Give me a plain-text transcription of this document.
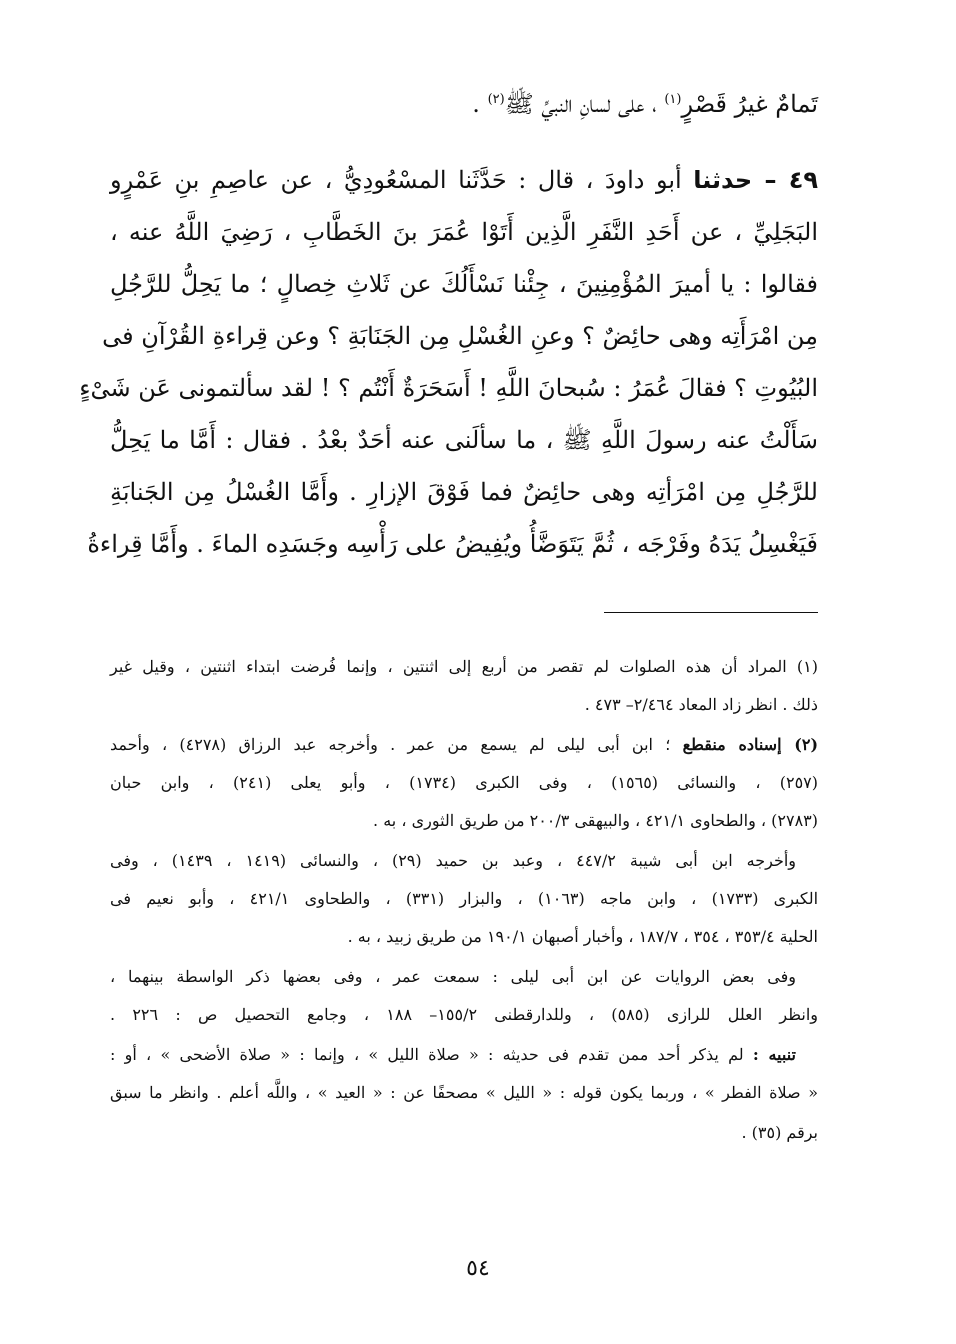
تَمامٌ غيرُ قَصْرٍ$^{(١)}$ ، على لسانِ النبيِّ ﷺ$^{(٢)}$ .
٤٩ – حدثنا أبو داودَ ، قال : حَدَّثَنا المسْعُودِيُّ ، عن عاصِمِ بنِ عَمْرٍو
البَجَلِيِّ ، عن أَحَدِ النَّفَرِ الَّذِين أَتَوْا عُمَرَ بنَ الخَطَّابِ ، رَضِيَ اللَّهُ عنه ،
فقالوا : يا أميرَ المُؤْمِنِينَ ، جِئْنا نَسْأَلُكَ عن ثَلاثِ خِصالٍ ؛ ما يَحِلُّ للرَّجُلِ
مِن امْرَأَتِه وهى حائِضٌ ؟ وعنِ الغُسْلِ مِن الجَنَابَةِ ؟ وعن قِراءةِ القُرْآنِ فى
البُيُوتِ ؟ فقالَ عُمَرُ : سُبحانَ اللَّهِ ! أَسَحَرَةٌ أَنْتُم ؟ ! لقد سألتمونى عَن شَىْءٍ
سَأَلْتُ عنه رسولَ اللَّهِ ﷺ ، ما سألَنى عنه أحَدٌ بعْدُ . فقال : أَمَّا ما يَحِلُّ
للرَّجُلِ مِن امْرَأتِه وهى حائِضٌ فما فَوْقَ الإزارِ . وأَمَّا الغُسْلُ مِن الجَنابَةِ
فَيَغْسِلُ يَدَهُ وفَرْجَه ، ثُمَّ يَتَوَضَّأُ ويُفِيضُ على رَأْسِه وجَسَدِه الماءَ . وأَمَّا قِراءةُ
(١) المراد أن هذه الصلوات لم تقصر من أربع إلى اثنتين ، وإنما فُرضت ابتداء اثنتين ، وقيل غير
ذلك . انظر زاد المعاد ٢/٤٦٤– ٤٧٣ .
(٢) إسناده منقطع ؛ ابن أبى ليلى لم يسمع من عمر . وأخرجه عبد الرزاق (٤٢٧٨) ، وأحمد
(٢٥٧) ، والنسائى (١٥٦٥) ، وفى الكبرى (١٧٣٤) ، وأبو يعلى (٢٤١) ، وابن حبان
(٢٧٨٣) ، والطحاوى ٤٢١/١ ، والبيهقى ٢٠٠/٣ من طريق الثورى ، به .
وأخرجه ابن أبى شيبة ٤٤٧/٢ ، وعبد بن حميد (٢٩) ، والنسائى (١٤١٩ ، ١٤٣٩) ، وفى
الكبرى (١٧٣٣) ، وابن ماجه (١٠٦٣) ، والبزار (٣٣١) ، والطحاوى ٤٢١/١ ، وأبو نعيم فى
الحلية ٣٥٣/٤ ، ٣٥٤ ، ١٨٧/٧ ، وأخبار أصبهان ١٩٠/١ من طريق زبيد ، به .
وفى بعض الروايات عن ابن أبى ليلى : سمعت عمر ، وفى بعضها ذكر الواسطة بينهما ،
وانظر العلل للرازى (٥٨٥) ، وللدارقطنى ١٥٥/٢– ١٨٨ ، وجامع التحصيل ص : ٢٢٦ .
تنبيه : لم يذكر أحد ممن تقدم فى حديثه : « صلاة الليل » ، وإنما : « صلاة الأضحى » ، أو :
« صلاة الفطر » ، وربما يكون قوله : « الليل » مصحفًا عن : « العيد » ، واللَّه أعلم . وانظر ما سبق
برقم (٣٥) .
٥٤
